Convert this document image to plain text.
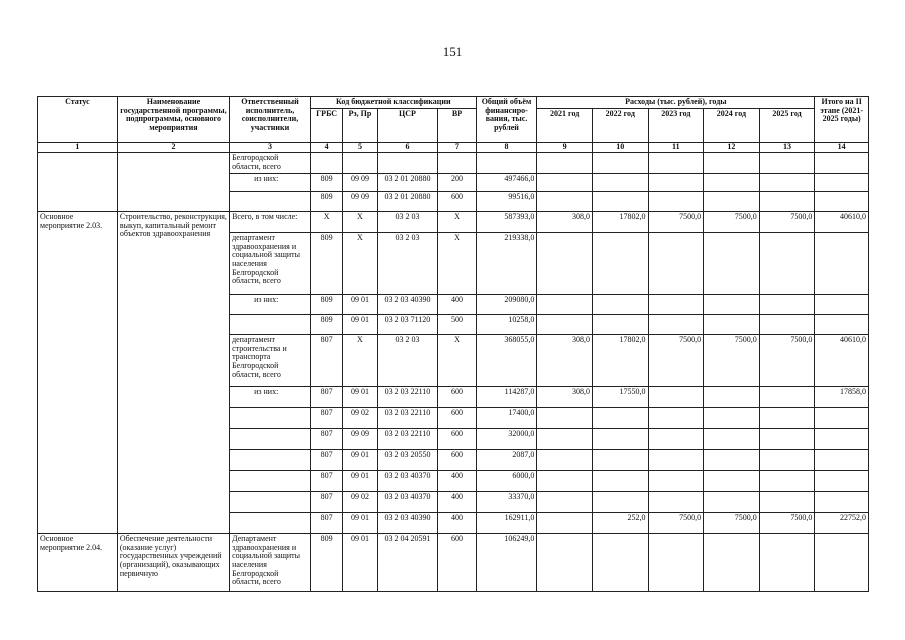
151
Статус	Наименование государственной программы, подпрограммы, основного мероприятия	Ответственный исполнитель, соисполнители, участники	Код бюджетной классификации				Общий объём финансиро-вания, тыс. рублей	Расходы (тыс. рублей), годы					Итого на II этапе (2021-2025 годы)
			ГРБС	Рз, Пр	ЦСР	ВР		2021 год	2022 год	2023 год	2024 год	2025 год	
1	2	3	4	5	6	7	8	9	10	11	12	13	14
		Белгородской области, всего											
		из них:	809	09 09	03 2 01 20880	200	497466,0						
			809	09 09	03 2 01 20880	600	99516,0						
Основное мероприятие 2.03.	Строительство, реконструкция, выкуп, капитальный ремонт объектов здравоохранения	Всего, в том числе:	X	X	03 2 03	X	587393,0	308,0	17802,0	7500,0	7500,0	7500,0	40610,0
		департамент здравоохранения и социальной защиты населения Белгородской области, всего	809	X	03 2 03	X	219338,0						
		из них:	809	09 01	03 2 03 40390	400	209080,0						
			809	09 01	03 2 03 71120	500	10258,0						
		департамент строительства и транспорта Белгородской области, всего	807	X	03 2 03	X	368055,0	308,0	17802,0	7500,0	7500,0	7500,0	40610,0
		из них:	807	09 01	03 2 03 22110	600	114287,0	308,0	17550,0				17858,0
			807	09 02	03 2 03 22110	600	17400,0						
			807	09 09	03 2 03 22110	600	32000,0						
			807	09 01	03 2 03 20550	600	2087,0						
			807	09 01	03 2 03 40370	400	6000,0						
			807	09 02	03 2 03 40370	400	33370,0						
			807	09 01	03 2 03 40390	400	162911,0		252,0	7500,0	7500,0	7500,0	22752,0
Основное мероприятие 2.04.	Обеспечение деятельности (оказание услуг) государственных учреждений (организаций), оказывающих первичную	Департамент здравоохранения и социальной защиты населения Белгородской области, всего	809	09 01	03 2 04 20591	600	106249,0						
